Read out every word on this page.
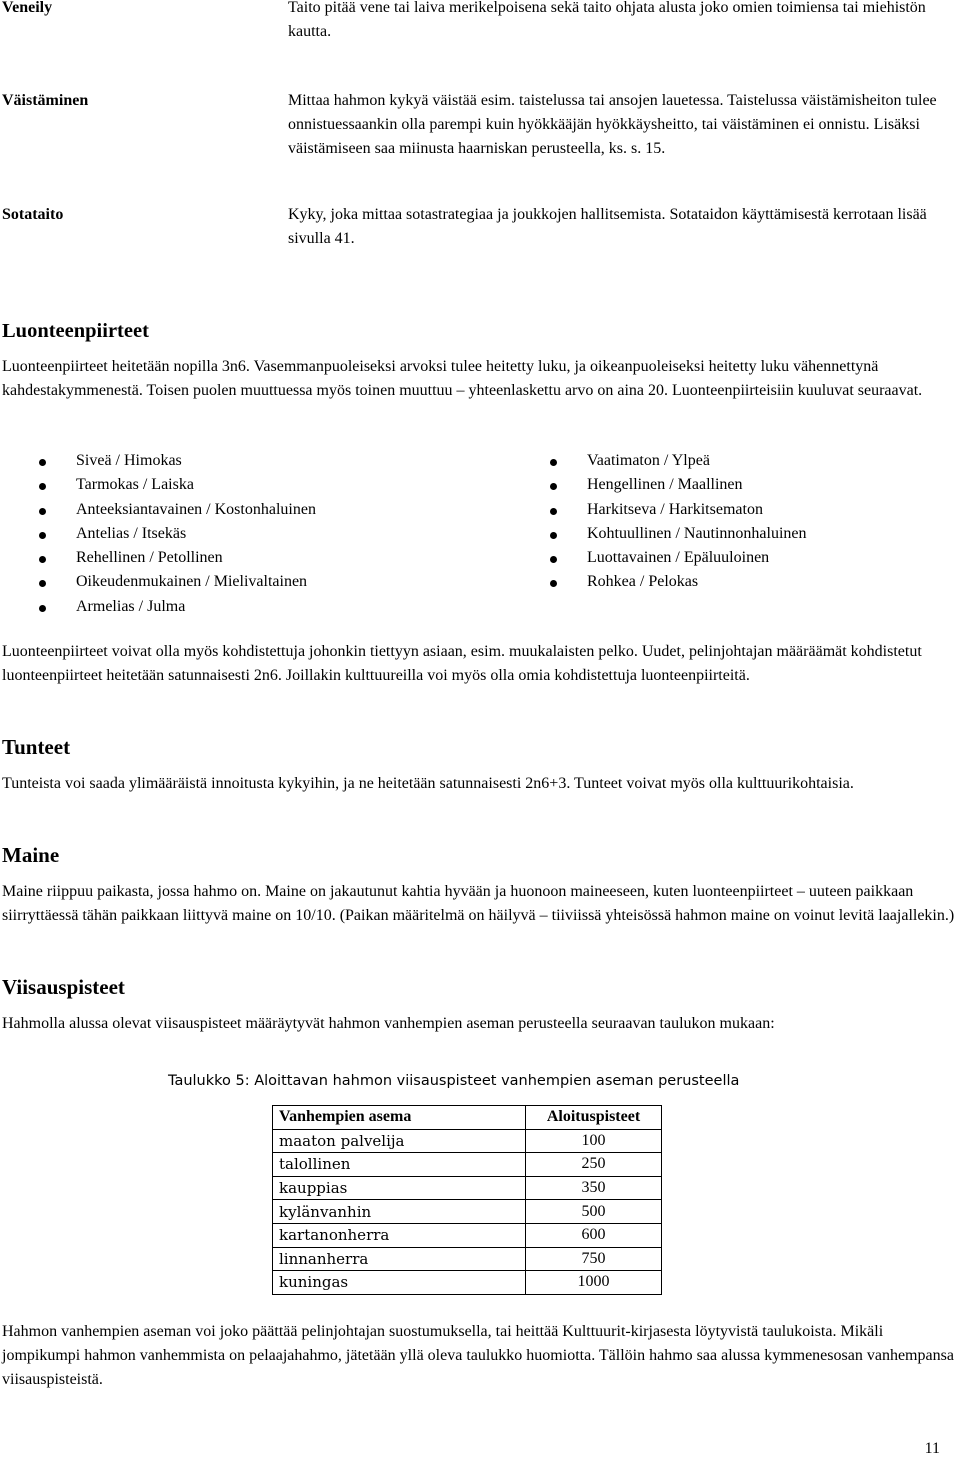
Veneily	Taito pitää vene tai laiva merikelpoisena sekä taito ohjata alusta joko omien toimiensa tai miehistön kautta.
Väistäminen	Mittaa hahmon kykyä väistää esim. taistelussa tai ansojen lauetessa. Taistelussa väistämisheiton tulee onnistuessaankin olla parempi kuin hyökkääjän hyökkäysheitto, tai väistäminen ei onnistu. Lisäksi väistämiseen saa miinusta haarniskan perusteella, ks. s. 15.
Sotataito	Kyky, joka mittaa sotastrategiaa ja joukkojen hallitsemista. Sotataidon käyttämisestä kerrotaan lisää sivulla 41.
Luonteenpiirteet
Luonteenpiirteet heitetään nopilla 3n6. Vasemmanpuoleiseksi arvoksi tulee heitetty luku, ja oikeanpuoleiseksi heitetty luku vähennettynä kahdestakymmenestä. Toisen puolen muuttuessa myös toinen muuttuu – yhteenlaskettu arvo on aina 20. Luonteenpiirteisiin kuuluvat seuraavat.
Siveä / Himokas
Tarmokas / Laiska
Anteeksiantavainen / Kostonhaluinen
Antelias / Itsekäs
Rehellinen / Petollinen
Oikeudenmukainen / Mielivaltainen
Armelias / Julma
Vaatimaton / Ylpeä
Hengellinen / Maallinen
Harkitseva / Harkitsematon
Kohtuullinen / Nautinnonhaluinen
Luottavainen / Epäluuloinen
Rohkea / Pelokas
Luonteenpiirteet voivat olla myös kohdistettuja johonkin tiettyyn asiaan, esim. muukalaisten pelko. Uudet, pelinjohtajan määräämät kohdistetut luonteenpiirteet heitetään satunnaisesti 2n6. Joillakin kulttuureilla voi myös olla omia kohdistettuja luonteenpiirteitä.
Tunteet
Tunteista voi saada ylimääräistä innoitusta kykyihin, ja ne heitetään satunnaisesti 2n6+3. Tunteet voivat myös olla kulttuurikohtaisia.
Maine
Maine riippuu paikasta, jossa hahmo on. Maine on jakautunut kahtia hyvään ja huonoon maineeseen, kuten luonteenpiirteet – uuteen paikkaan siirryttäessä tähän paikkaan liittyvä maine on 10/10. (Paikan määritelmä on häilyvä – tiiviissä yhteisössä hahmon maine on voinut levitä laajallekin.)
Viisauspisteet
Hahmolla alussa olevat viisauspisteet määräytyvät hahmon vanhempien aseman perusteella seuraavan taulukon mukaan:
Taulukko 5: Aloittavan hahmon viisauspisteet vanhempien aseman perusteella
Vanhempien asema	Aloituspisteet
maaton palvelija	100
talollinen	250
kauppias	350
kylänvanhin	500
kartanonherra	600
linnanherra	750
kuningas	1000
Hahmon vanhempien aseman voi joko päättää pelinjohtajan suostumuksella, tai heittää Kulttuurit-kirjasesta löytyvistä taulukoista. Mikäli jompikumpi hahmon vanhemmista on pelaajahahmo, jätetään yllä oleva taulukko huomiotta. Tällöin hahmo saa alussa kymmenesosan vanhempansa viisauspisteistä.
11
